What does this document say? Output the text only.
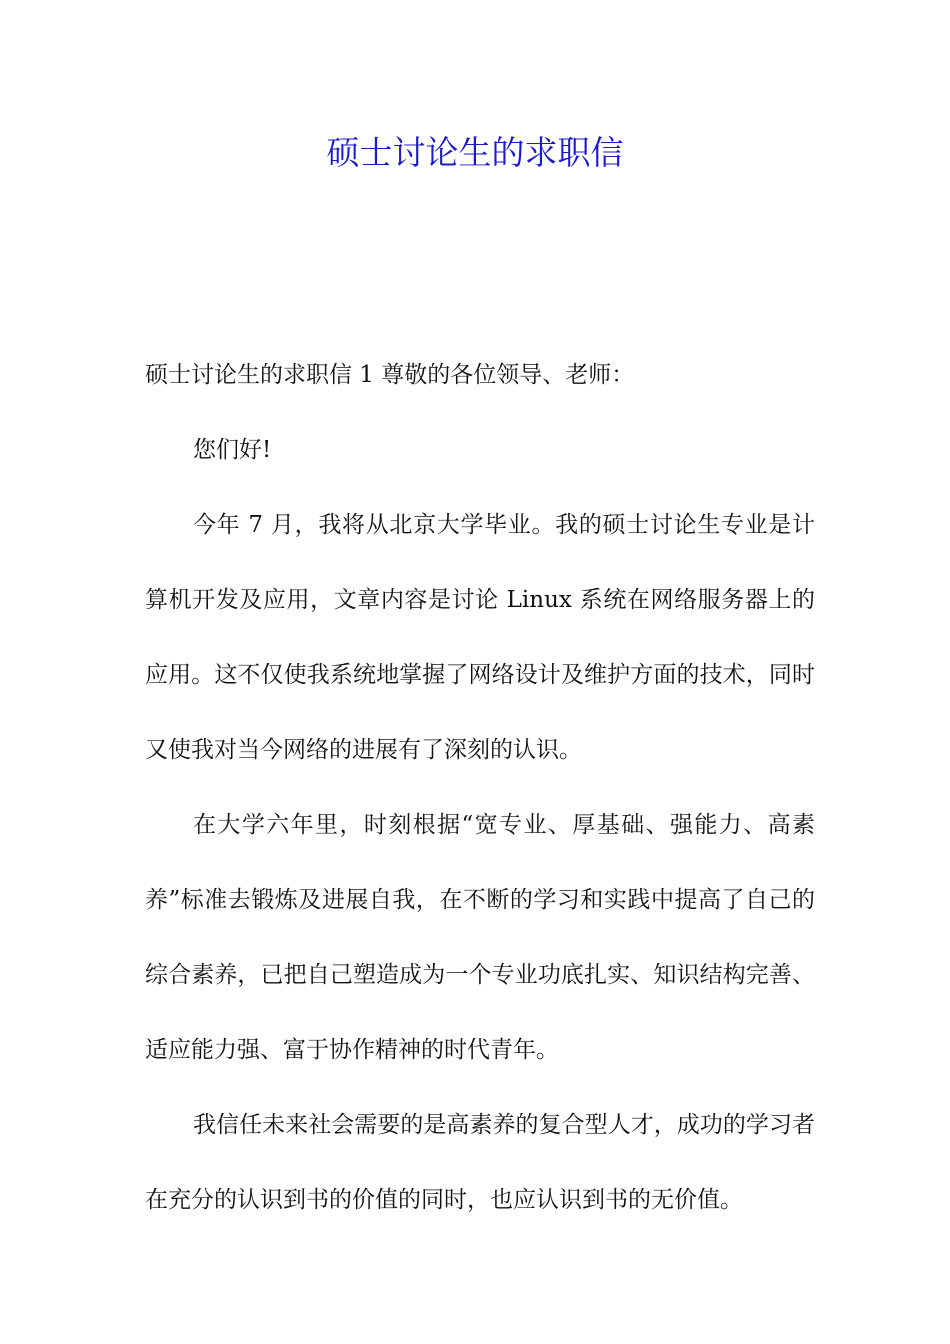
硕士讨论生的求职信

硕士讨论生的求职信 1 尊敬的各位领导、老师：

您们好!

今年 7 月，我将从北京大学毕业。我的硕士讨论生专业是计算机开发及应用，文章内容是讨论 Linux 系统在网络服务器上的应用。这不仅使我系统地掌握了网络设计及维护方面的技术，同时又使我对当今网络的进展有了深刻的认识。

在大学六年里，时刻根据“宽专业、厚基础、强能力、高素养”标准去锻炼及进展自我，在不断的学习和实践中提高了自己的综合素养，已把自己塑造成为一个专业功底扎实、知识结构完善、适应能力强、富于协作精神的时代青年。

我信任未来社会需要的是高素养的复合型人才，成功的学习者在充分的认识到书的价值的同时，也应认识到书的无价值。
